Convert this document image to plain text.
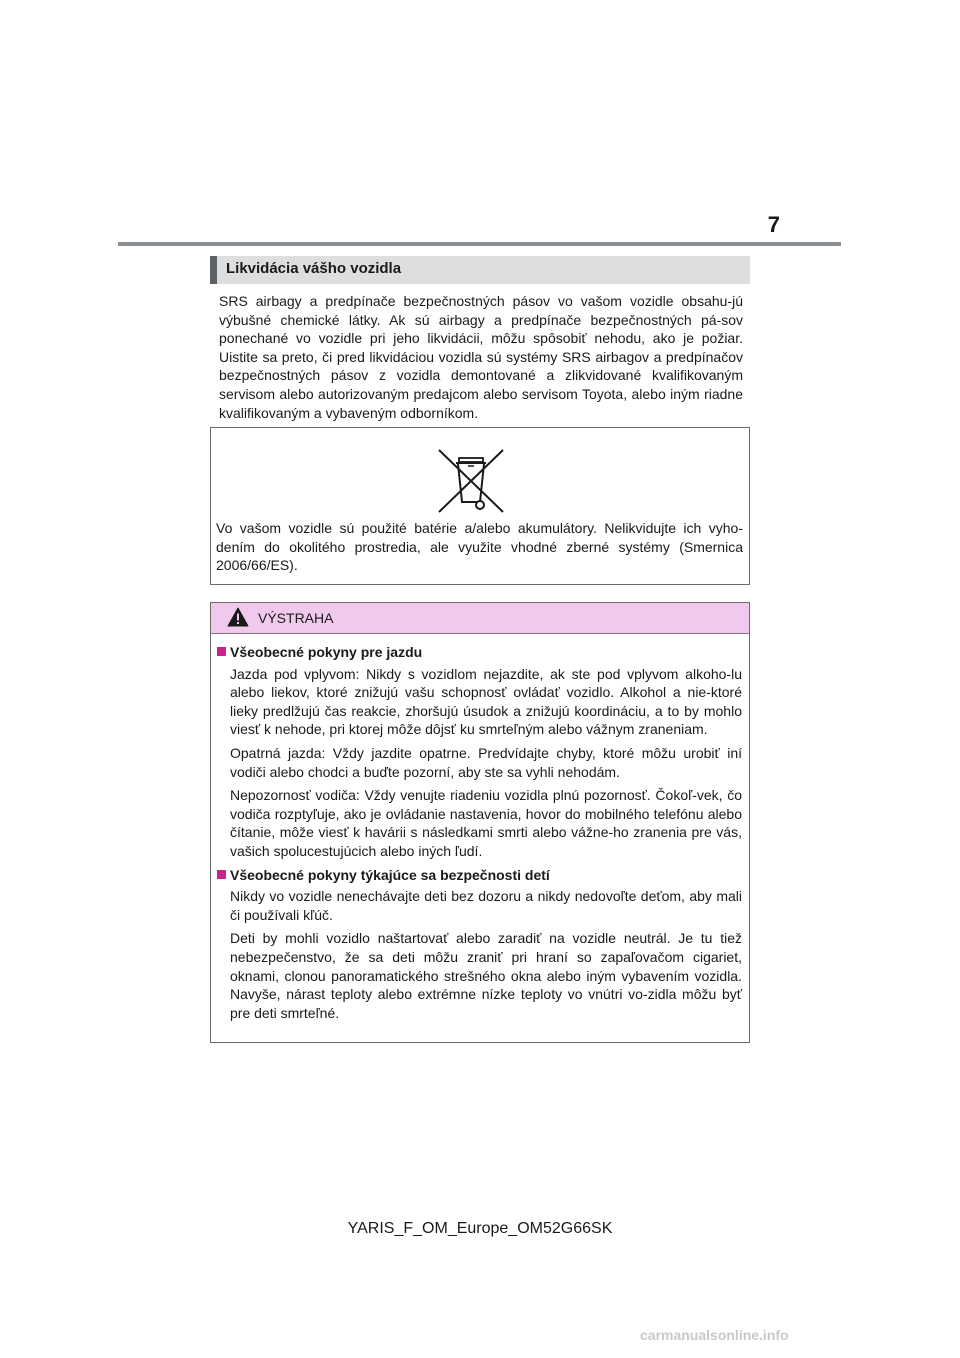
7
Likvidácia vášho vozidla
SRS airbagy a predpínače bezpečnostných pásov vo vašom vozidle obsahu-jú výbušné chemické látky. Ak sú airbagy a predpínače bezpečnostných pá-sov ponechané vo vozidle pri jeho likvidácii, môžu spôsobiť nehodu, ako je požiar. Uistite sa preto, či pred likvidáciou vozidla sú systémy SRS airbagov a predpínačov bezpečnostných pásov z vozidla demontované a zlikvidované kvalifikovaným servisom alebo autorizovaným predajcom alebo servisom Toyota, alebo iným riadne kvalifikovaným a vybaveným odborníkom.
Vo vašom vozidle sú použité batérie a/alebo akumulátory. Nelikvidujte ich vyho-dením do okolitého prostredia, ale využite vhodné zberné systémy (Smernica 2006/66/ES).
VÝSTRAHA
Všeobecné pokyny pre jazdu

Jazda pod vplyvom: Nikdy s vozidlom nejazdite, ak ste pod vplyvom alkoho-lu alebo liekov, ktoré znižujú vašu schopnosť ovládať vozidlo. Alkohol a nie-ktoré lieky predlžujú čas reakcie, zhoršujú úsudok a znižujú koordináciu, a to by mohlo viesť k nehode, pri ktorej môže dôjsť ku smrteľným alebo vážnym zraneniam.

Opatrná jazda: Vždy jazdite opatrne. Predvídajte chyby, ktoré môžu urobiť iní vodiči alebo chodci a buďte pozorní, aby ste sa vyhli nehodám.

Nepozornosť vodiča: Vždy venujte riadeniu vozidla plnú pozornosť. Čokoľ-vek, čo vodiča rozptyľuje, ako je ovládanie nastavenia, hovor do mobilného telefónu alebo čítanie, môže viesť k havárii s následkami smrti alebo vážne-ho zranenia pre vás, vašich spolucestujúcich alebo iných ľudí.

Všeobecné pokyny týkajúce sa bezpečnosti detí

Nikdy vo vozidle nenechávajte deti bez dozoru a nikdy nedovoľte deťom, aby mali či používali kľúč.

Deti by mohli vozidlo naštartovať alebo zaradiť na vozidle neutrál. Je tu tiež nebezpečenstvo, že sa deti môžu zraniť pri hraní so zapaľovačom cigariet, oknami, clonou panoramatického strešného okna alebo iným vybavením vozidla. Navyše, nárast teploty alebo extrémne nízke teploty vo vnútri vo-zidla môžu byť pre deti smrteľné.

YARIS_F_OM_Europe_OM52G66SK
carmanualsonline.info
